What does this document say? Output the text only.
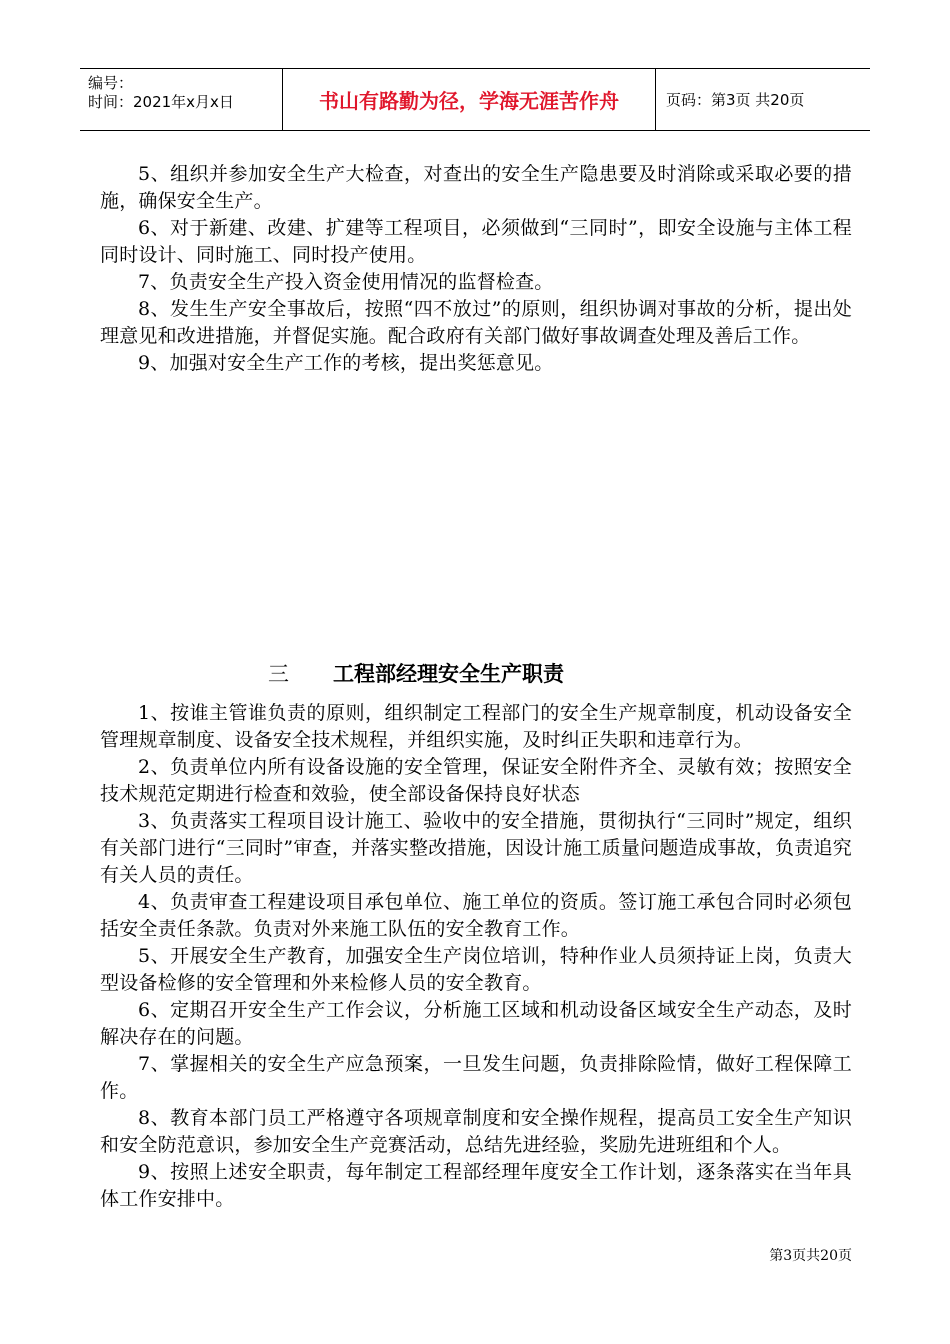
编号：
时间：2021年x月x日	书山有路勤为径，学海无涯苦作舟	页码：第3页 共20页

5、组织并参加安全生产大检查，对查出的安全生产隐患要及时消除或采取必要的措施，确保安全生产。

6、对于新建、改建、扩建等工程项目，必须做到“三同时”，即安全设施与主体工程同时设计、同时施工、同时投产使用。

7、负责安全生产投入资金使用情况的监督检查。

8、发生生产安全事故后，按照“四不放过”的原则，组织协调对事故的分析，提出处理意见和改进措施，并督促实施。配合政府有关部门做好事故调查处理及善后工作。

9、加强对安全生产工作的考核，提出奖惩意见。

三 工程部经理安全生产职责

1、按谁主管谁负责的原则，组织制定工程部门的安全生产规章制度，机动设备安全管理规章制度、设备安全技术规程，并组织实施，及时纠正失职和违章行为。

2、负责单位内所有设备设施的安全管理，保证安全附件齐全、灵敏有效；按照安全技术规范定期进行检查和效验，使全部设备保持良好状态

3、负责落实工程项目设计施工、验收中的安全措施，贯彻执行“三同时”规定，组织有关部门进行“三同时”审查，并落实整改措施，因设计施工质量问题造成事故，负责追究有关人员的责任。

4、负责审查工程建设项目承包单位、施工单位的资质。签订施工承包合同时必须包括安全责任条款。负责对外来施工队伍的安全教育工作。

5、开展安全生产教育，加强安全生产岗位培训，特种作业人员须持证上岗，负责大型设备检修的安全管理和外来检修人员的安全教育。

6、定期召开安全生产工作会议，分析施工区域和机动设备区域安全生产动态，及时解决存在的问题。

7、掌握相关的安全生产应急预案，一旦发生问题，负责排除险情，做好工程保障工作。

8、教育本部门员工严格遵守各项规章制度和安全操作规程，提高员工安全生产知识和安全防范意识，参加安全生产竞赛活动，总结先进经验，奖励先进班组和个人。

9、按照上述安全职责，每年制定工程部经理年度安全工作计划，逐条落实在当年具体工作安排中。

第3页共20页
